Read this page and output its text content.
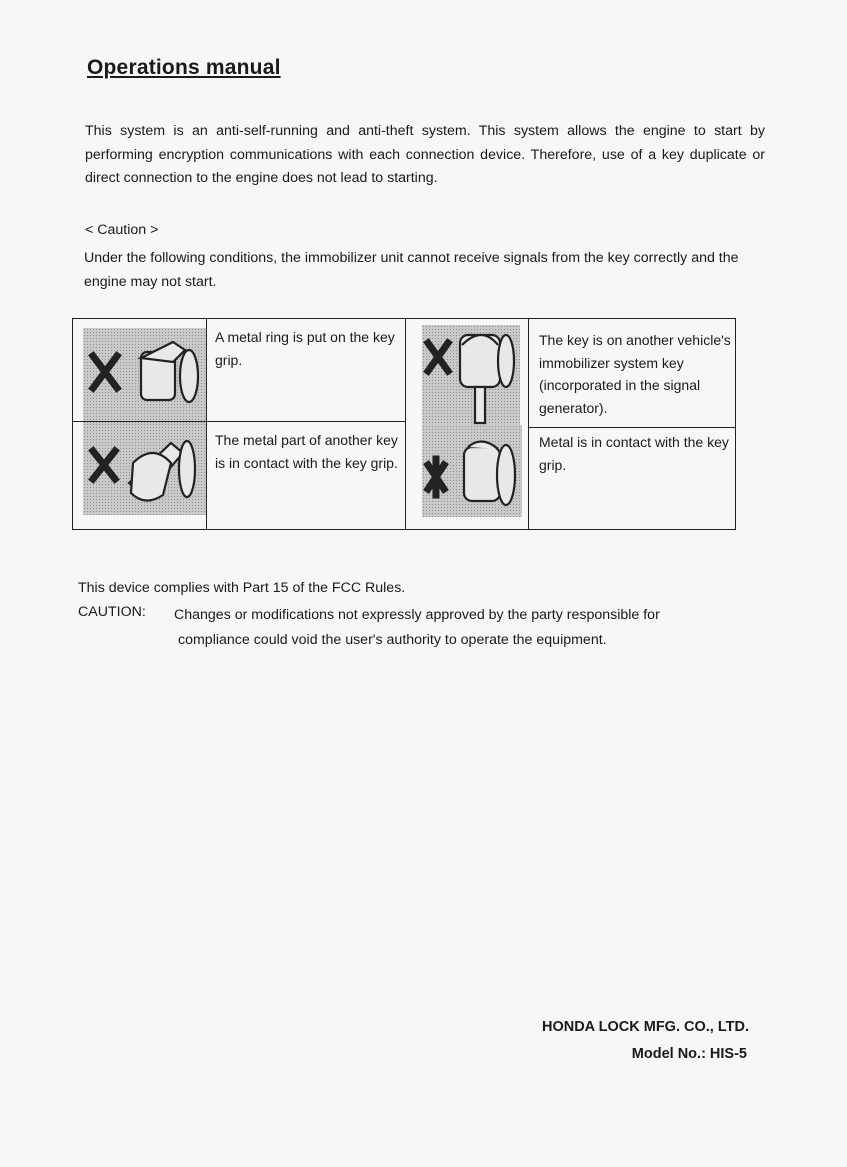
Operations manual
This system is an anti-self-running and anti-theft system. This system allows the engine to start by performing encryption communications with each connection device. Therefore, use of a key duplicate or direct connection to the engine does not lead to starting.
< Caution >
Under the following conditions, the immobilizer unit cannot receive signals from the key correctly and the engine may not start.
A metal ring is put on the key grip.
The key is on another vehicle's immobilizer system key (incorporated in the signal generator).
The metal part of another key is in contact with the key grip.
Metal is in contact with the key grip.
This device complies with Part 15 of the FCC Rules.
CAUTION: Changes or modifications not expressly approved by the party responsible for
compliance could void the user's authority to operate the equipment.
HONDA LOCK MFG. CO., LTD.
Model No.: HIS-5
